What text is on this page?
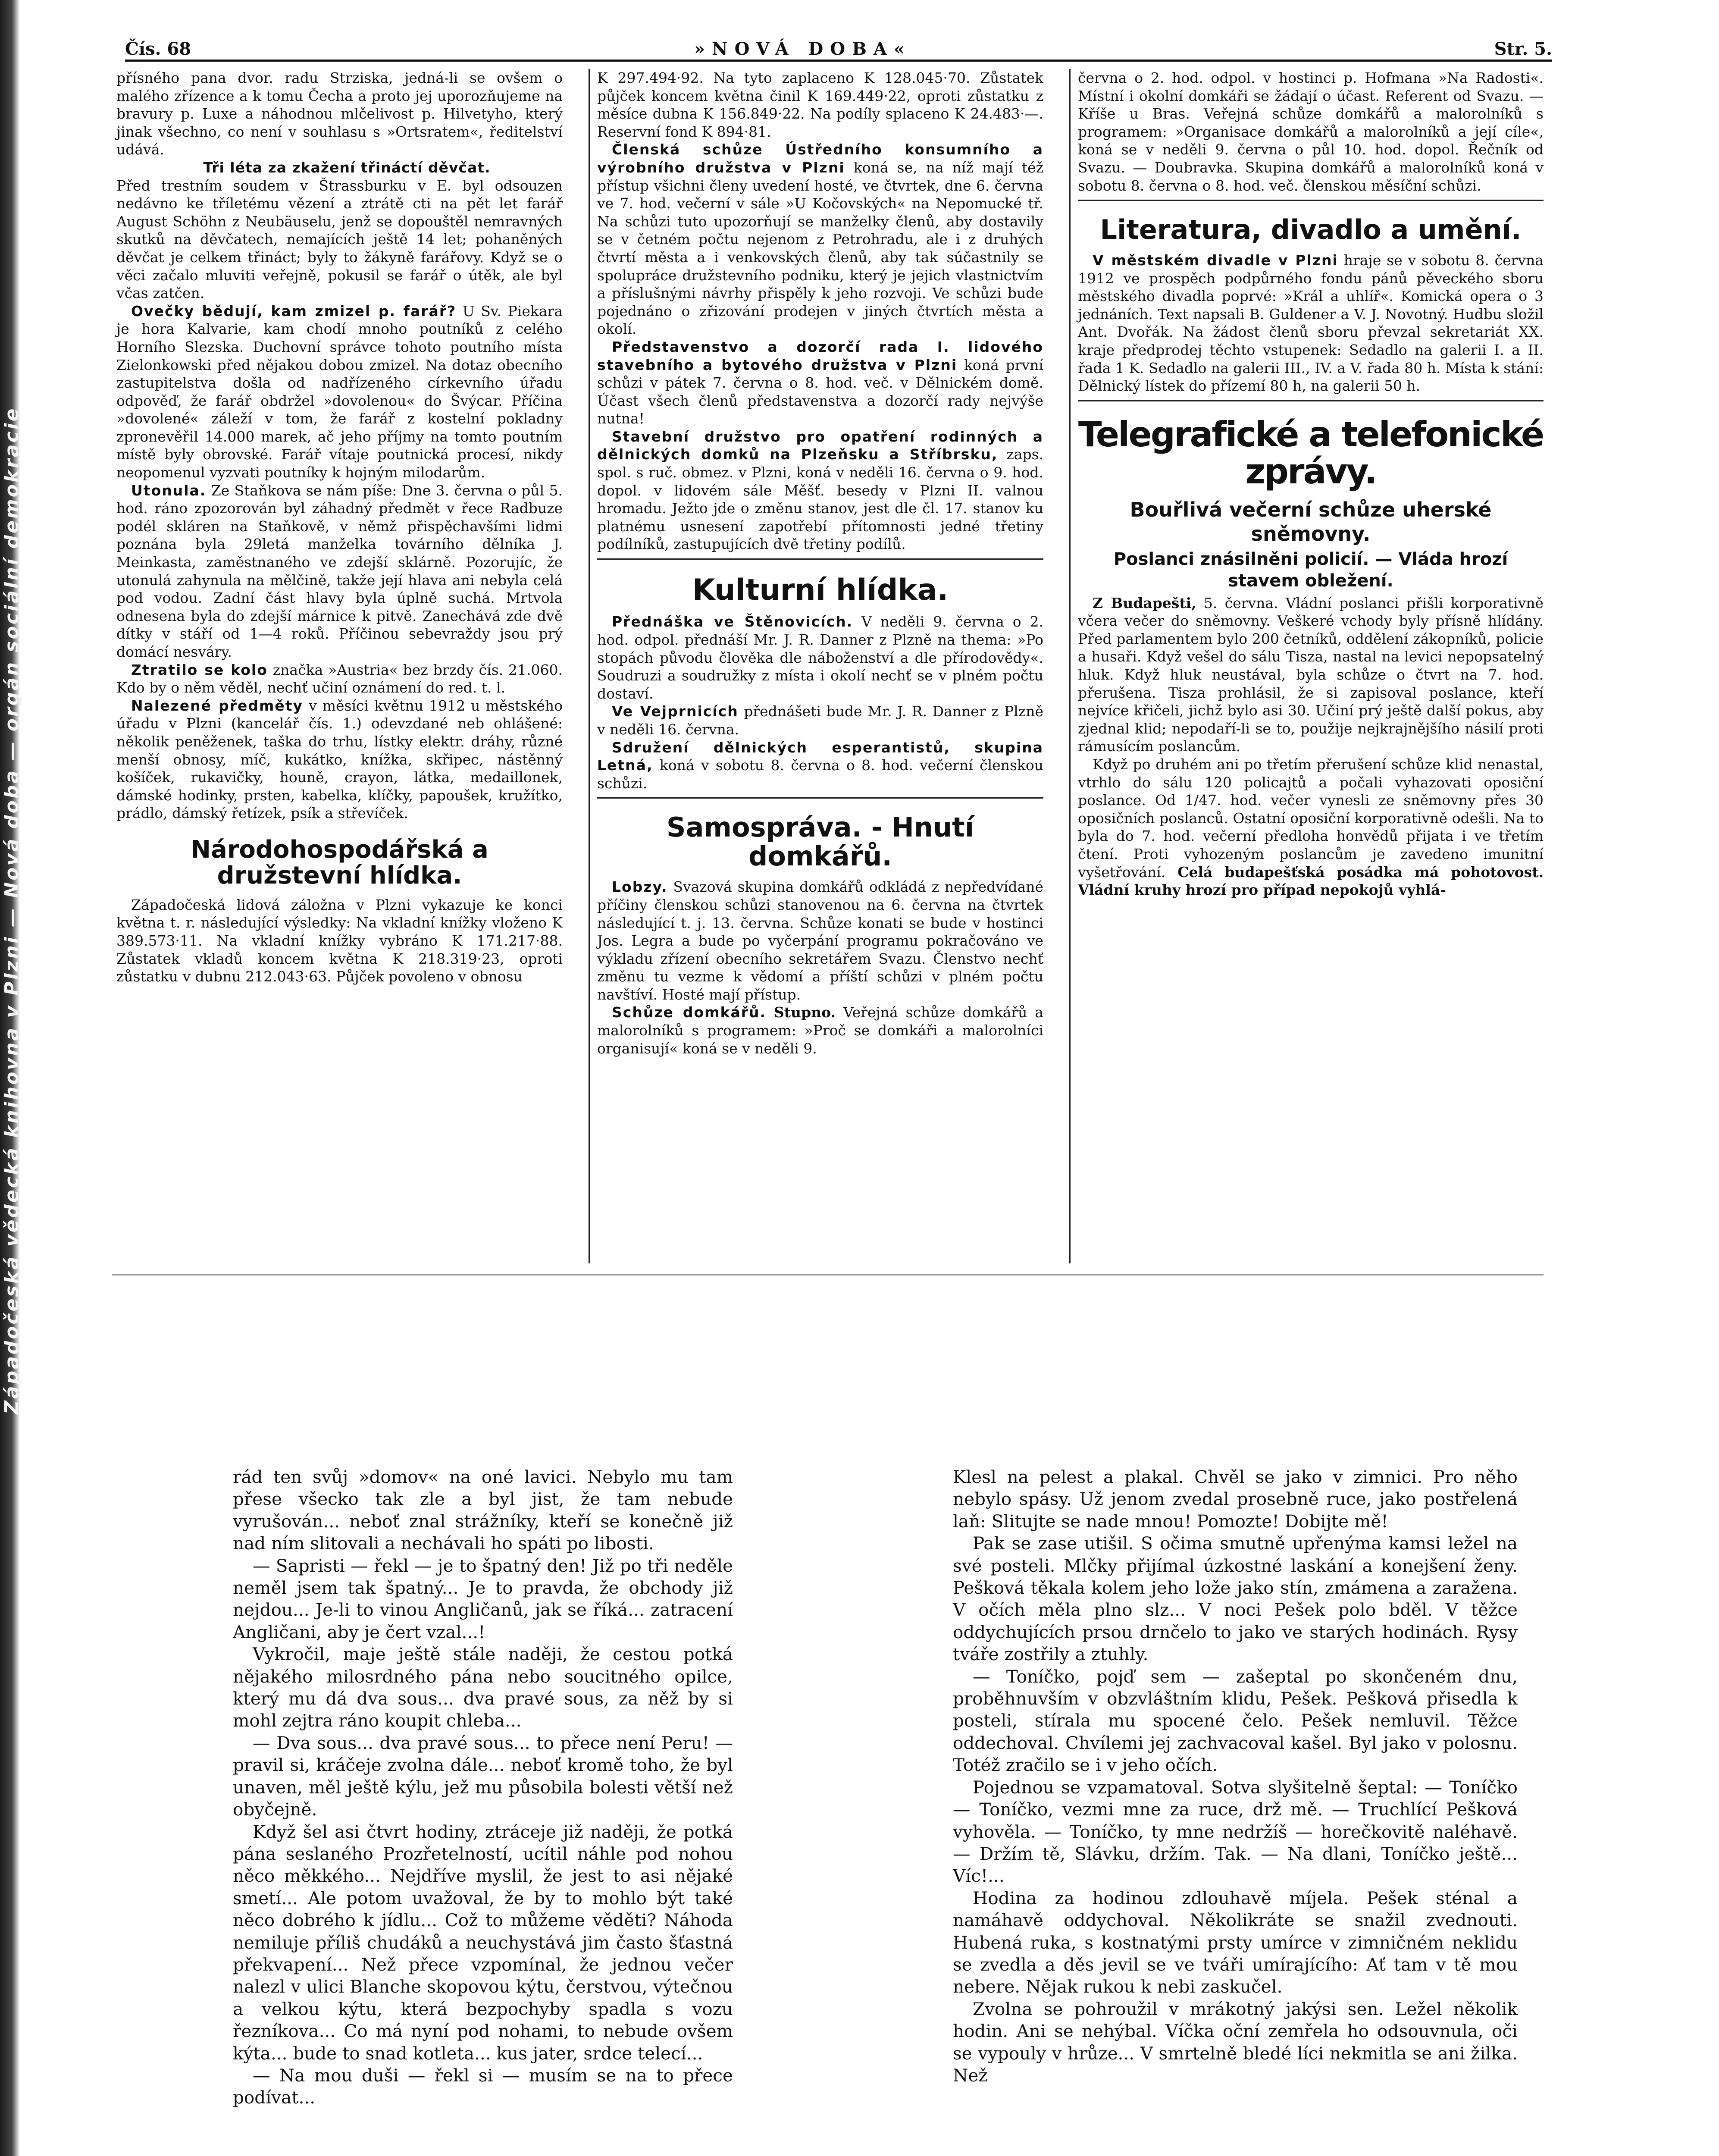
Západočeská vědecká knihovna v Plzni — Nová doba — orgán sociální demokracie
Čís. 68	»NOVÁ DOBA«	Str. 5.

přísného pana dvor. radu Strziska, jedná-li se ovšem o malého zřízence a k tomu Čecha a proto jej uporozňujeme na bravury p. Luxe a náhodnou mlčelivost p. Hilvetyho, který jinak všechno, co není v souhlasu s »Ortsratem«, ředitelství udává.

Tři léta za zkažení třináctí děvčat.

Před trestním soudem v Štrassburku v E. byl odsouzen nedávno ke tříletému vězení a ztrátě cti na pět let farář August Schöhn z Neubäuselu, jenž se dopouštěl nemravných skutků na děvčatech, nemajících ještě 14 let; pohaněných děvčat je celkem třináct; byly to žákyně farářovy. Když se o věci začalo mluviti veřejně, pokusil se farář o útěk, ale byl včas zatčen.

Ovečky bědují, kam zmizel p. farář? U Sv. Piekara je hora Kalvarie, kam chodí mnoho poutníků z celého Horního Slezska. Duchovní správce tohoto poutního místa Zielonkowski před nějakou dobou zmizel. Na dotaz obecního zastupitelstva došla od nadřízeného církevního úřadu odpověď, že farář obdržel »dovolenou« do Švýcar. Příčina »dovolené« záleží v tom, že farář z kostelní pokladny zpronevěřil 14.000 marek, ač jeho příjmy na tomto poutním místě byly obrovské. Farář vítaje poutnická procesí, nikdy neopomenul vyzvati poutníky k hojným milodarům.

Utonula. Ze Staňkova se nám píše: Dne 3. června o půl 5. hod. ráno zpozorován byl záhadný předmět v řece Radbuze podél skláren na Staňkově, v němž přispěchavšími lidmi poznána byla 29letá manželka továrního dělníka J. Meinkasta, zaměstnaného ve zdejší sklárně. Pozorujíc, že utonulá zahynula na mělčině, takže její hlava ani nebyla celá pod vodou. Zadní část hlavy byla úplně suchá. Mrtvola odnesena byla do zdejší márnice k pitvě. Zanechává zde dvě dítky v stáří od 1—4 roků. Příčinou sebevraždy jsou prý domácí nesváry.

Ztratilo se kolo značka »Austria« bez brzdy čís. 21.060. Kdo by o něm věděl, nechť učiní oznámení do red. t. l.

Nalezené předměty v měsíci květnu 1912 u městského úřadu v Plzni (kancelář čís. 1.) odevzdané neb ohlášené: několik peněženek, taška do trhu, lístky elektr. dráhy, různé menší obnosy, míč, kukátko, knížka, skřipec, nástěnný košíček, rukavičky, houně, crayon, látka, medaillonek, dámské hodinky, prsten, kabelka, klíčky, papoušek, kružítko, prádlo, dámský řetízek, psík a střevíček.

Národohospodářská a družstevní hlídka.

Západočeská lidová záložna v Plzni vykazuje ke konci května t. r. následující výsledky: Na vkladní knížky vloženo K 389.573·11. Na vkladní knížky vybráno K 171.217·88. Zůstatek vkladů koncem května K 218.319·23, oproti zůstatku v dubnu 212.043·63. Půjček povoleno v obnosu

K 297.494·92. Na tyto zaplaceno K 128.045·70. Zůstatek půjček koncem května činil K 169.449·22, oproti zůstatku z měsíce dubna K 156.849·22. Na podíly splaceno K 24.483·—. Reservní fond K 894·81.

Členská schůze Ústředního konsumního a výrobního družstva v Plzni koná se, na níž mají též přístup všichni členy uvedení hosté, ve čtvrtek, dne 6. června ve 7. hod. večerní v sále »U Kočovských« na Nepomucké tř. Na schůzi tuto upozorňují se manželky členů, aby dostavily se v četném počtu nejenom z Petrohradu, ale i z druhých čtvrtí města a i venkovských členů, aby tak súčastnily se spolupráce družstevního podniku, který je jejich vlastnictvím a příslušnými návrhy přispěly k jeho rozvoji. Ve schůzi bude pojednáno o zřizování prodejen v jiných čtvrtích města a okolí.

Představenstvo a dozorčí rada I. lidového stavebního a bytového družstva v Plzni koná první schůzi v pátek 7. června o 8. hod. več. v Dělnickém domě. Účast všech členů představenstva a dozorčí rady nejvýše nutna!

Stavební družstvo pro opatření rodinných a dělnických domků na Plzeňsku a Stříbrsku, zaps. spol. s ruč. obmez. v Plzni, koná v neděli 16. června o 9. hod. dopol. v lidovém sále Měšť. besedy v Plzni II. valnou hromadu. Ježto jde o změnu stanov, jest dle čl. 17. stanov ku platnému usnesení zapotřebí přítomnosti jedné třetiny podílníků, zastupujících dvě třetiny podílů.

Kulturní hlídka.

Přednáška ve Štěnovicích. V neděli 9. června o 2. hod. odpol. přednáší Mr. J. R. Danner z Plzně na thema: »Po stopách původu člověka dle náboženství a dle přírodovědy«. Soudruzi a soudružky z místa i okolí nechť se v plném počtu dostaví.

Ve Vejprnicích přednášeti bude Mr. J. R. Danner z Plzně v neděli 16. června.

Sdružení dělnických esperantistů, skupina Letná, koná v sobotu 8. června o 8. hod. večerní členskou schůzi.

Samospráva. - Hnutí domkářů.

Lobzy. Svazová skupina domkářů odkládá z nepředvídané příčiny členskou schůzi stanovenou na 6. června na čtvrtek následující t. j. 13. června. Schůze konati se bude v hostinci Jos. Legra a bude po vyčerpání programu pokračováno ve výkladu zřízení obecního sekretářem Svazu. Členstvo nechť změnu tu vezme k vědomí a příští schůzi v plném počtu navštíví. Hosté mají přístup.

Schůze domkářů. Stupno. Veřejná schůze domkářů a malorolníků s programem: »Proč se domkáři a malorolníci organisují« koná se v neděli 9.

června o 2. hod. odpol. v hostinci p. Hofmana »Na Radosti«. Místní i okolní domkáři se žádají o účast. Referent od Svazu. — Kříše u Bras. Veřejná schůze domkářů a malorolníků s programem: »Organisace domkářů a malorolníků a její cíle«, koná se v neděli 9. června o půl 10. hod. dopol. Řečník od Svazu. — Doubravka. Skupina domkářů a malorolníků koná v sobotu 8. června o 8. hod. več. členskou měsíční schůzi.

Literatura, divadlo a umění.

V městském divadle v Plzni hraje se v sobotu 8. června 1912 ve prospěch podpůrného fondu pánů pěveckého sboru městského divadla poprvé: »Král a uhlíř«. Komická opera o 3 jednáních. Text napsali B. Guldener a V. J. Novotný. Hudbu složil Ant. Dvořák. Na žádost členů sboru převzal sekretariát XX. kraje předprodej těchto vstupenek: Sedadlo na galerii I. a II. řada 1 K. Sedadlo na galerii III., IV. a V. řada 80 h. Místa k stání: Dělnický lístek do přízemí 80 h, na galerii 50 h.

Telegrafické a telefonické zprávy.
Bouřlivá večerní schůze uherské sněmovny.
Poslanci znásilněni policií. — Vláda hrozí stavem obležení.

Z Budapešti, 5. června. Vládní poslanci přišli korporativně včera večer do sněmovny. Veškeré vchody byly přísně hlídány. Před parlamentem bylo 200 četníků, oddělení zákopníků, policie a husaři. Když vešel do sálu Tisza, nastal na levici nepopsatelný hluk. Když hluk neustával, byla schůze o čtvrt na 7. hod. přerušena. Tisza prohlásil, že si zapisoval poslance, kteří nejvíce křičeli, jichž bylo asi 30. Učiní prý ještě další pokus, aby zjednal klid; nepodaří-li se to, použije nejkrajnějšího násilí proti rámusícím poslancům.

Když po druhém ani po třetím přerušení schůze klid nenastal, vtrhlo do sálu 120 policajtů a počali vyhazovati oposiční poslance. Od 1/47. hod. večer vynesli ze sněmovny přes 30 oposičních poslanců. Ostatní oposiční korporativně odešli. Na to byla do 7. hod. večerní předloha honvědů přijata i ve třetím čtení. Proti vyhozeným poslancům je zavedeno imunitní vyšetřování. Celá budapešťská posádka má pohotovost. Vládní kruhy hrozí pro případ nepokojů vyhlá-

rád ten svůj »domov« na oné lavici. Nebylo mu tam přese všecko tak zle a byl jist, že tam nebude vyrušován... neboť znal strážníky, kteří se konečně již nad ním slitovali a nechávali ho spáti po libosti.

— Sapristi — řekl — je to špatný den! Již po tři neděle neměl jsem tak špatný... Je to pravda, že obchody již nejdou... Je-li to vinou Angličanů, jak se říká... zatracení Angličani, aby je čert vzal...!

Vykročil, maje ještě stále naději, že cestou potká nějakého milosrdného pána nebo soucitného opilce, který mu dá dva sous... dva pravé sous, za něž by si mohl zejtra ráno koupit chleba...

— Dva sous... dva pravé sous... to přece není Peru! — pravil si, kráčeje zvolna dále... neboť kromě toho, že byl unaven, měl ještě kýlu, jež mu působila bolesti větší než obyčejně.

Když šel asi čtvrt hodiny, ztráceje již naději, že potká pána seslaného Prozřetelností, ucítil náhle pod nohou něco měkkého... Nejdříve myslil, že jest to asi nějaké smetí... Ale potom uvažoval, že by to mohlo být také něco dobrého k jídlu... Což to můžeme věděti? Náhoda nemiluje příliš chudáků a neuchystává jim často šťastná překvapení... Než přece vzpomínal, že jednou večer nalezl v ulici Blanche skopovou kýtu, čerstvou, výtečnou a velkou kýtu, která bezpochyby spadla s vozu řezníkova... Co má nyní pod nohami, to nebude ovšem kýta... bude to snad kotleta... kus jater, srdce telecí...

— Na mou duši — řekl si — musím se na to přece podívat...

Klesl na pelest a plakal. Chvěl se jako v zimnici. Pro něho nebylo spásy. Už jenom zvedal prosebně ruce, jako postřelená laň: Slitujte se nade mnou! Pomozte! Dobijte mě!

Pak se zase utišil. S očima smutně upřenýma kamsi ležel na své posteli. Mlčky přijímal úzkostné laskání a konejšení ženy. Pešková těkala kolem jeho lože jako stín, zmámena a zaražena. V očích měla plno slz... V noci Pešek polo bděl. V těžce oddychujících prsou drnčelo to jako ve starých hodinách. Rysy tváře zostřily a ztuhly.

— Toníčko, pojď sem — zašeptal po skončeném dnu, proběhnuvším v obzvláštním klidu, Pešek. Pešková přisedla k posteli, stírala mu spocené čelo. Pešek nemluvil. Těžce oddechoval. Chvílemi jej zachvacoval kašel. Byl jako v polosnu. Totéž zračilo se i v jeho očích.

Pojednou se vzpamatoval. Sotva slyšitelně šeptal: — Toníčko — Toníčko, vezmi mne za ruce, drž mě. — Truchlící Pešková vyhověla. — Toníčko, ty mne nedržíš — horečkovitě naléhavě. — Držím tě, Slávku, držím. Tak. — Na dlani, Toníčko ještě... Víc!...

Hodina za hodinou zdlouhavě míjela. Pešek sténal a namáhavě oddychoval. Několikráte se snažil zvednouti. Hubená ruka, s kostnatými prsty umírce v zimničném neklidu se zvedla a děs jevil se ve tváři umírajícího: Ať tam v tě mou nebere. Nějak rukou k nebi zaskučel.

Zvolna se pohroužil v mrákotný jakýsi sen. Ležel několik hodin. Ani se nehýbal. Víčka oční zemřela ho odsouvnula, oči se vypouly v hrůze... V smrtelně bledé líci nekmitla se ani žilka. Než
